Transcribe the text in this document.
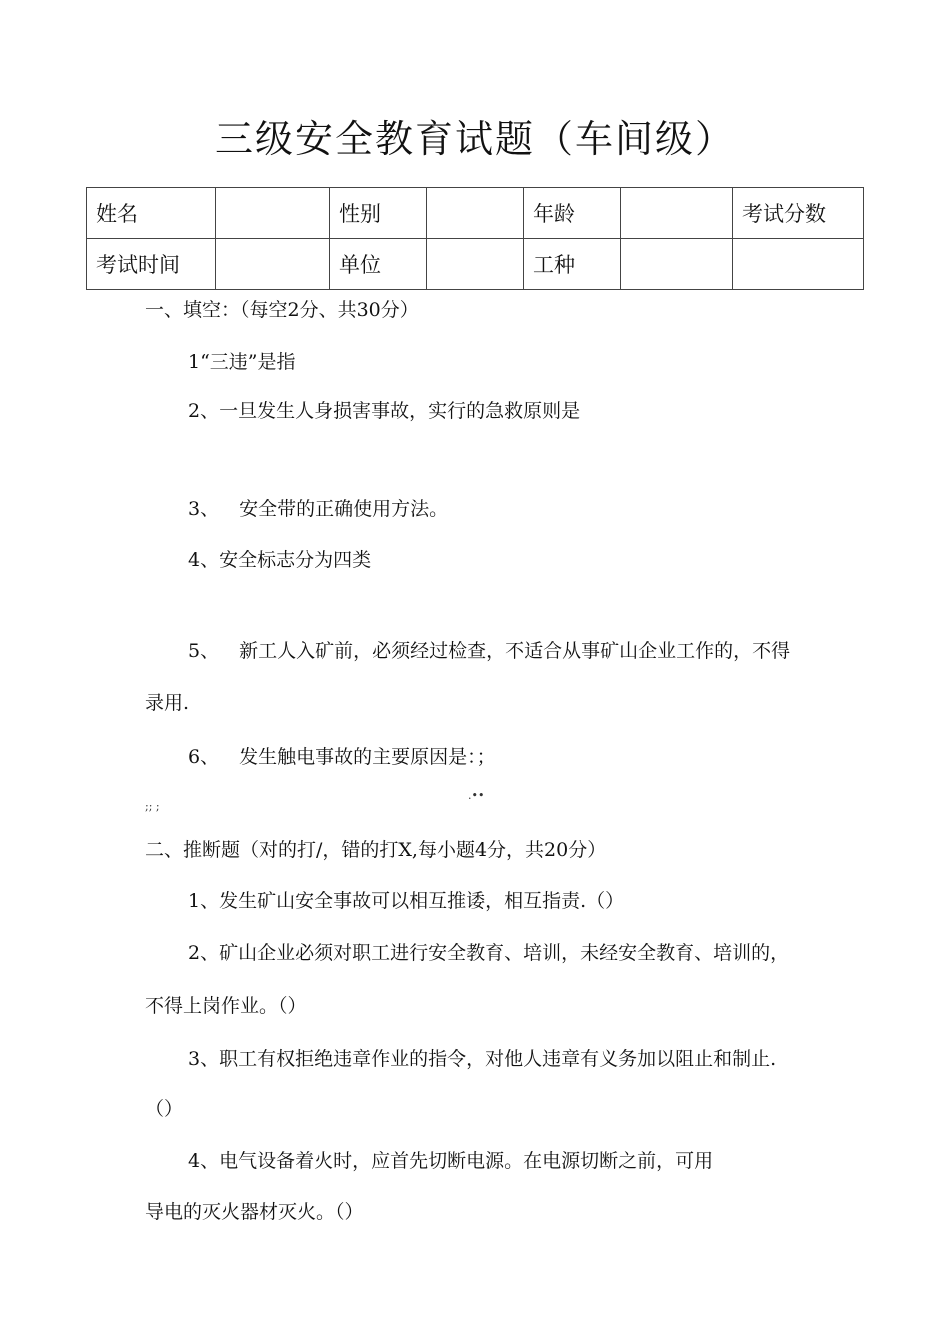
三级安全教育试题（车间级）
姓名		性别		年龄		考试分数
考试时间		单位		工种		
一、填空：（每空2分、共30分）
1“三违”是指
2、一旦发生人身损害事故，实行的急救原则是
3、 安全带的正确使用方法。
4、安全标志分为四类
5、 新工人入矿前，必须经过检查，不适合从事矿山企业工作的，不得
录用.
6、 发生触电事故的主要原因是：；
;; ;
.••
二、推断题（对的打/，错的打X,每小题4分，共20分）
1、发生矿山安全事故可以相互推诿，相互指责.（）
2、矿山企业必须对职工进行安全教育、培训，未经安全教育、培训的，
不得上岗作业。（）
3、职工有权拒绝违章作业的指令，对他人违章有义务加以阻止和制止.
（）
4、电气设备着火时，应首先切断电源。在电源切断之前，可用
导电的灭火器材灭火。（）
